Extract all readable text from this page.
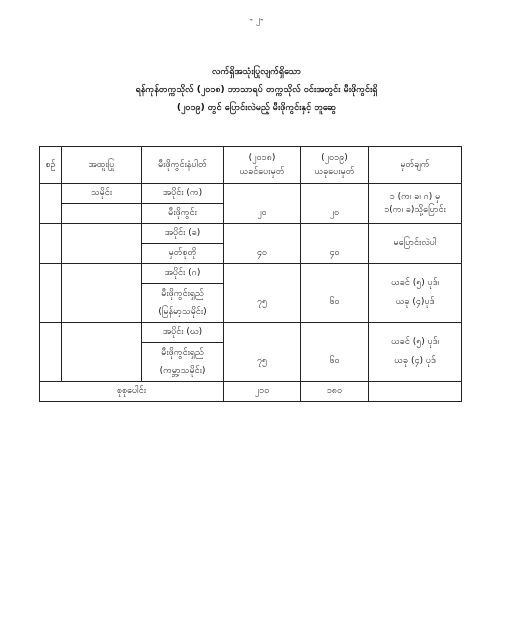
- ၂-
လက်ရှိအသုံးပြုလျက်ရှိသော
ရန်ကုန်တက္ကသိုလ် (၂၀၁၈) ဘာသာရပ် တက္ကသိုလ် ဝင်းအတွင်း မီးဖိုကွင်းရှိ
(၂၀၁၉) တွင် ပြောင်းလဲမည့် မီးဖိုကွင်းနှင့် ဘူဆွေ
စဉ်	အထူးပြု	မီးဖိုကွင်းနံပါတ်	(၂၀၁၈)
ယခင်ပေးမှတ်	(၂၀၁၉)
ယခုပေးမှတ်	မှတ်ချက်
	သမိုင်း	အပိုင်း (က)	၂၀	၂၀	၁ (က၊ ခ၊ ဂ) မှ
၁(က၊ ခ)သို့ပြောင်း
		မီးဖိုကွင်း			
		အပိုင်း (ခ)	၄၀	၄၀	မပြောင်းလဲပါ
		မှတ်စုတို			
		အပိုင်း (ဂ)	၇၅	၆၀	ယခင် (၅) ပုဒ်၊
ယခု (၄)ပုဒ်
		မီးဖိုကွင်းရှည်
(မြန်မာ့သမိုင်း)			
		အပိုင်း (ဃ)	၇၅	၆၀	ယခင် (၅) ပုဒ်၊
ယခု (၄) ပုဒ်
		မီးဖိုကွင်းရှည်
(ကမ္ဘာ့သမိုင်း)			
စုစုပေါင်း			၂၁၀	၁၈၀	
